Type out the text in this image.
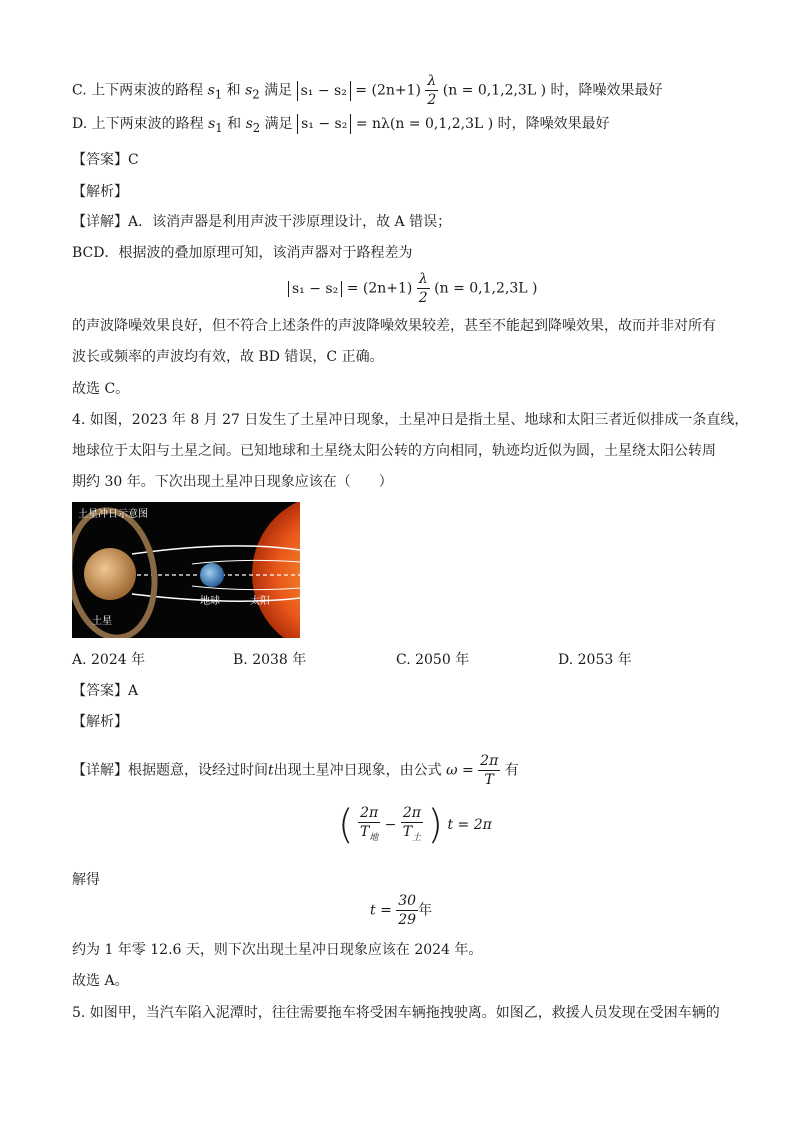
C. 上下两束波的路程 $s_1$ 和 $s_2$ 满足 $s_1 - s_2 = (2n+1) \frac{\lambda}{2} (n = 0,1,2,3L$ ) 时，降噪效果最好
D. 上下两束波的路程 $s_1$ 和 $s_2$ 满足 s₁ − s₂ = nλ(n = 0,1,2,3L ) 时，降噪效果最好
【答案】C
【解析】
【详解】A．该消声器是利用声波干涉原理设计，故 A 错误；
BCD．根据波的叠加原理可知，该消声器对于路程差为
$s_1 - s_2 = (2n+1) \frac{\lambda}{2} (n = 0,1,2,3L$ )
的声波降噪效果良好，但不符合上述条件的声波降噪效果较差，甚至不能起到降噪效果，故而并非对所有
波长或频率的声波均有效，故 BD 错误，C 正确。
故选 C。
4. 如图，2023 年 8 月 27 日发生了土星冲日现象，土星冲日是指土星、地球和太阳三者近似排成一条直线，
地球位于太阳与土星之间。已知地球和土星绕太阳公转的方向相同，轨迹均近似为圆，土星绕太阳公转周
期约 30 年。下次出现土星冲日现象应该在（　　）
土星冲日示意图
土星
地球	太阳
A. 2024 年	B. 2038 年	C. 2050 年	D. 2053 年
【答案】A
【解析】
【详解】根据题意，设经过时间t出现土星冲日现象，由公式 $\omega = \frac{2\pi}{T}$ 有
( $\frac{2\pi}{T_地} - \frac{2\pi}{T_土}$ ) t = 2π
解得
$t = \frac{30}{29}$ 年
约为 1 年零 12.6 天，则下次出现土星冲日现象应该在 2024 年。
故选 A。
5. 如图甲，当汽车陷入泥潭时，往往需要拖车将受困车辆拖拽驶离。如图乙，救援人员发现在受困车辆的
